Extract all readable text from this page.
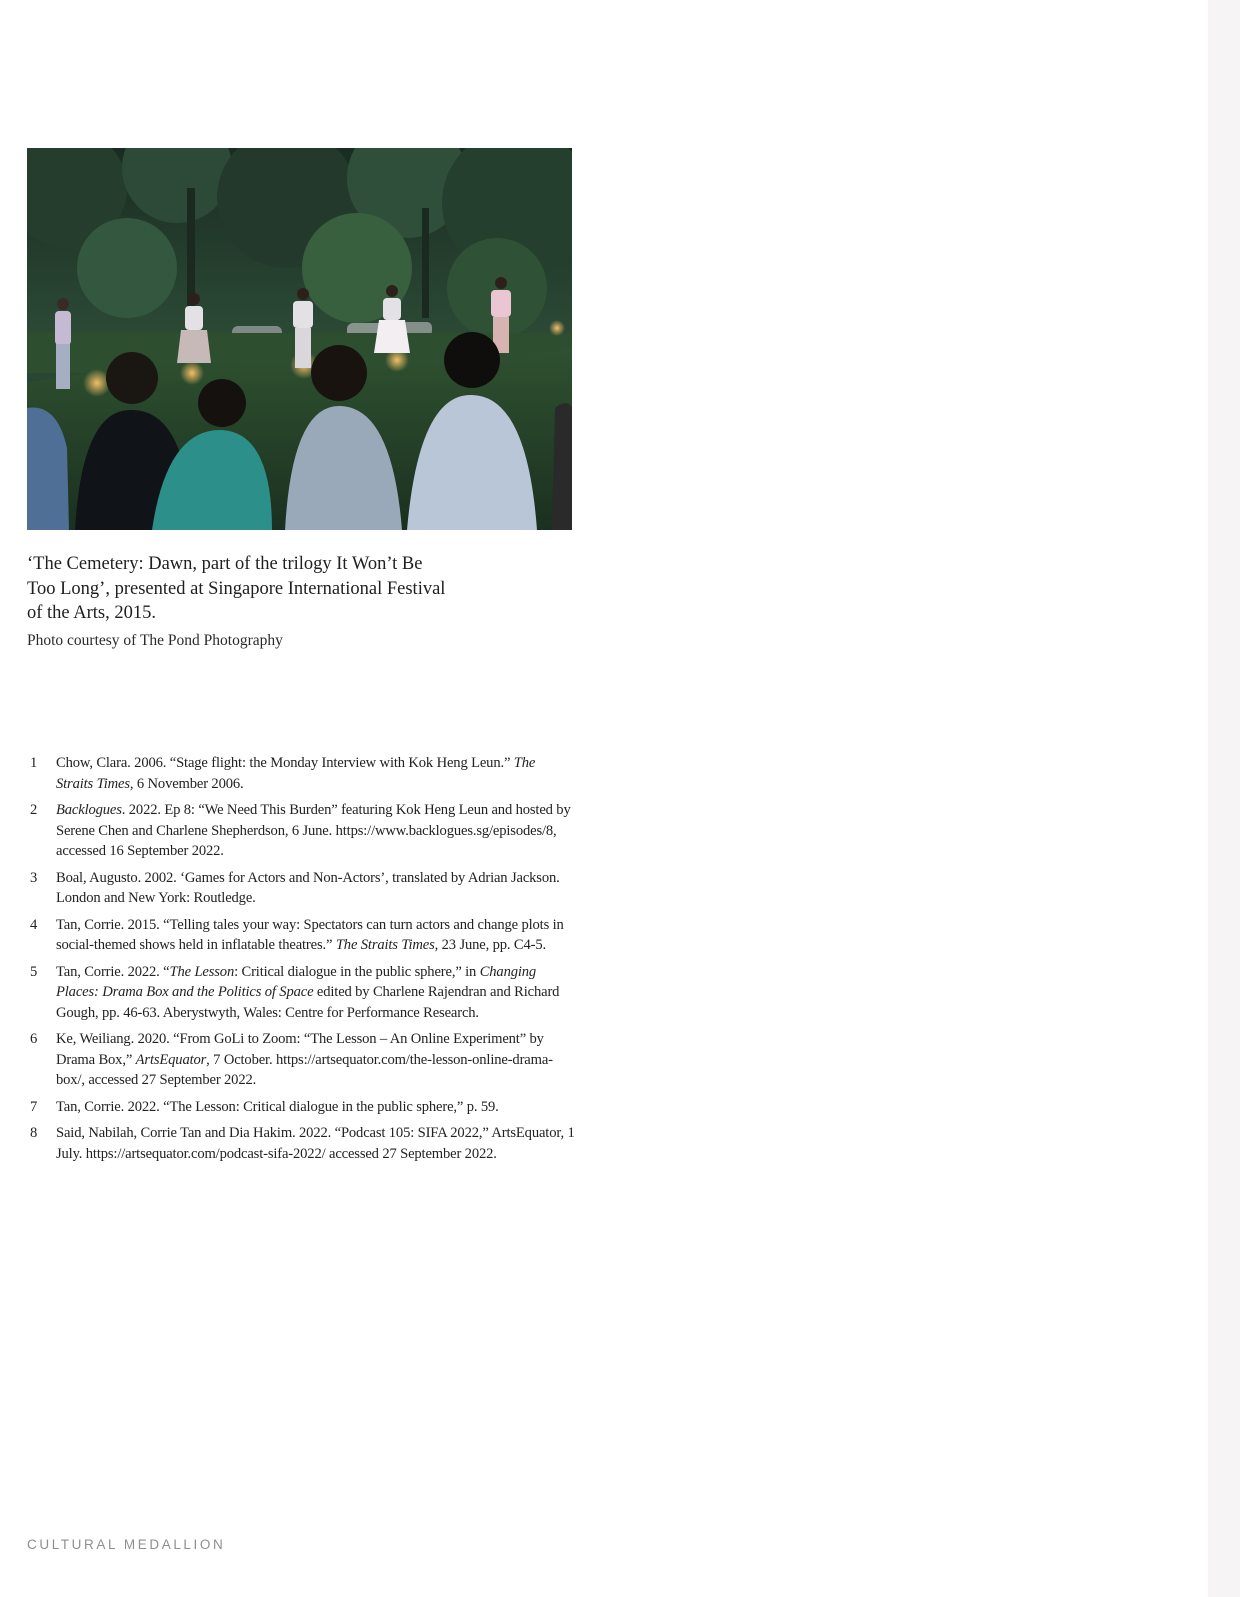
‘The Cemetery: Dawn, part of the trilogy It Won’t Be Too Long’, presented at Singapore International Festival of the Arts, 2015.
Photo courtesy of The Pond Photography
1 Chow, Clara. 2006. “Stage flight: the Monday Interview with Kok Heng Leun.” The Straits Times, 6 November 2006.
2 Backlogues. 2022. Ep 8: “We Need This Burden” featuring Kok Heng Leun and hosted by Serene Chen and Charlene Shepherdson, 6 June. https://www.backlogues.sg/episodes/8, accessed 16 September 2022.
3 Boal, Augusto. 2002. ‘Games for Actors and Non-Actors’, translated by Adrian Jackson. London and New York: Routledge.
4 Tan, Corrie. 2015. “Telling tales your way: Spectators can turn actors and change plots in social-themed shows held in inflatable theatres.” The Straits Times, 23 June, pp. C4-5.
5 Tan, Corrie. 2022. “The Lesson: Critical dialogue in the public sphere,” in Changing Places: Drama Box and the Politics of Space edited by Charlene Rajendran and Richard Gough, pp. 46-63. Aberystwyth, Wales: Centre for Performance Research.
6 Ke, Weiliang. 2020. “From GoLi to Zoom: “The Lesson – An Online Experiment” by Drama Box,” ArtsEquator, 7 October. https://artsequator.com/the-lesson-online-drama-box/, accessed 27 September 2022.
7 Tan, Corrie. 2022. “The Lesson: Critical dialogue in the public sphere,” p. 59.
8 Said, Nabilah, Corrie Tan and Dia Hakim. 2022. “Podcast 105: SIFA 2022,” ArtsEquator, 1 July. https://artsequator.com/podcast-sifa-2022/ accessed 27 September 2022.
CULTURAL MEDALLION
